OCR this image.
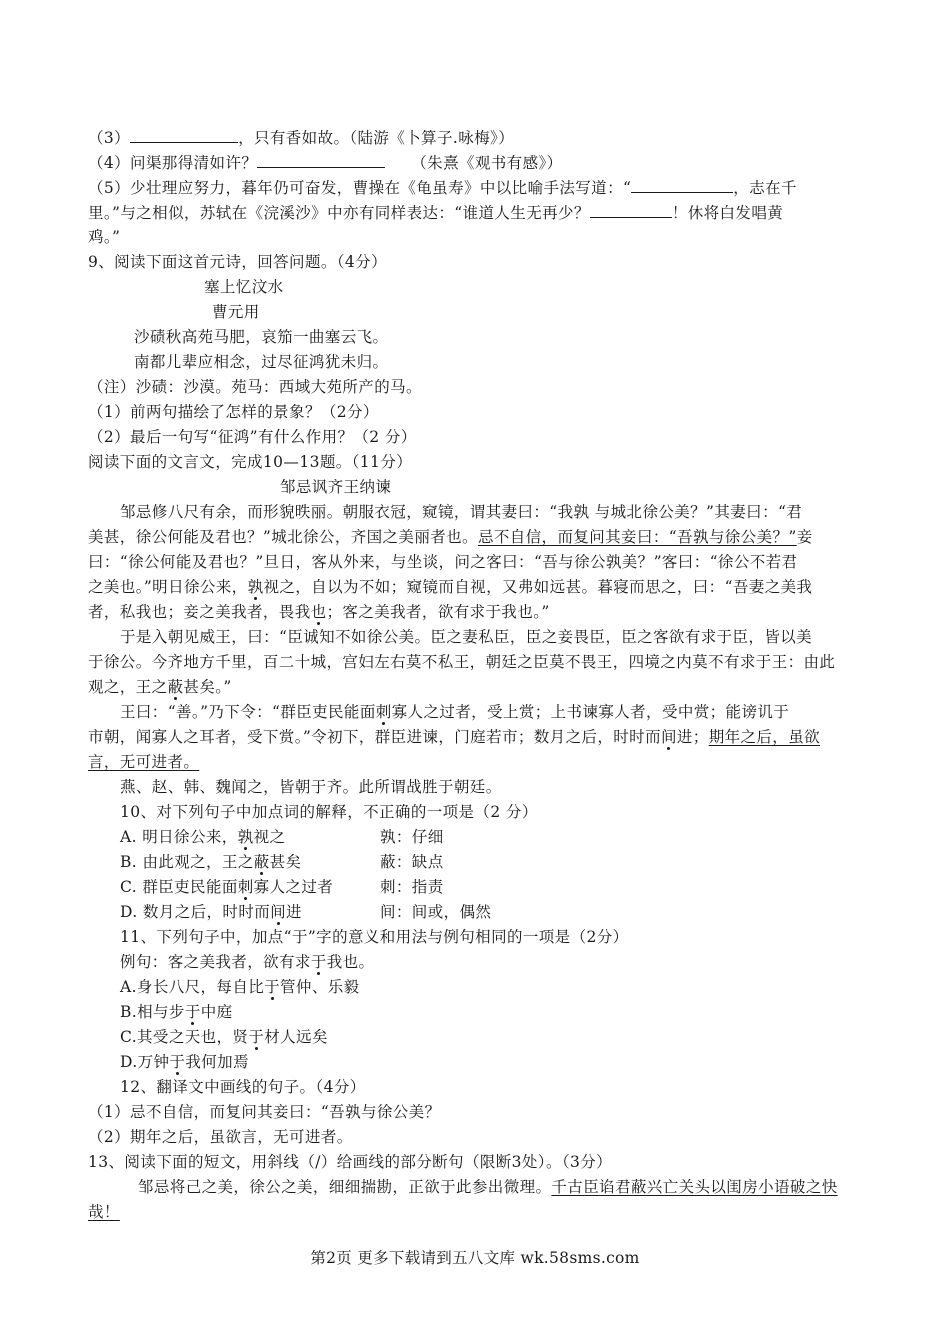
（3）	，只有香如故。（陆游《卜算子.咏梅》）
（4）问渠那得清如许？	（朱熹《观书有感》）
（5）少壮理应努力，暮年仍可奋发，曹操在《龟虽寿》中以比喻手法写道：“	，志在千
里。”与之相似，苏轼在《浣溪沙》中亦有同样表达：“谁道人生无再少？	！休将白发唱黄
鸡。”
9、阅读下面这首元诗，回答问题。（4分）
塞上忆汶水
曹元用
沙碛秋高苑马肥，哀笳一曲塞云飞。
南都儿辈应相念，过尽征鸿犹未归。
（注）沙碛：沙漠。苑马：西域大苑所产的马。
（1）前两句描绘了怎样的景象？（2分）
（2）最后一句写“征鸿”有什么作用？（2 分）
阅读下面的文言文，完成10—13题。（11分）
邹忌讽齐王纳谏
邹忌修八尺有余，而形貌昳丽。朝服衣冠，窥镜，谓其妻曰：“我孰 与城北徐公美？”其妻曰：“君
美甚，徐公何能及君也？”城北徐公，齐国之美丽者也。忌不自信，而复问其妾曰：“吾孰与徐公美？”妾
曰：“徐公何能及君也？”旦日，客从外来，与坐谈，问之客曰：“吾与徐公孰美？”客曰：“徐公不若君
之美也。”明日徐公来，孰视之，自以为不如；窥镜而自视，又弗如远甚。暮寝而思之，曰：“吾妻之美我
者，私我也；妾之美我者，畏我也；客之美我者，欲有求于我也。”
于是入朝见威王，曰：“臣诚知不如徐公美。臣之妻私臣，臣之妾畏臣，臣之客欲有求于臣，皆以美
于徐公。今齐地方千里，百二十城，宫妇左右莫不私王，朝廷之臣莫不畏王，四境之内莫不有求于王：由此
观之，王之蔽甚矣。”
王曰：“善。”乃下令：“群臣吏民能面刺寡人之过者，受上赏；上书谏寡人者，受中赏；能谤讥于
市朝，闻寡人之耳者，受下赏。”令初下，群臣进谏，门庭若市；数月之后，时时而间进；期年之后，虽欲
言，无可进者。
燕、赵、韩、魏闻之，皆朝于齐。此所谓战胜于朝廷。
10、对下列句子中加点词的解释，不正确的一项是（2 分）
A. 明日徐公来，孰视之	孰：仔细
B. 由此观之，王之蔽甚矣	蔽：缺点
C. 群臣吏民能面刺寡人之过者	刺：指责
D. 数月之后，时时而间进	间：间或，偶然
11、下列句子中，加点“于”字的意义和用法与例句相同的一项是（2分）
例句：客之美我者，欲有求于我也。
A.身长八尺，每自比于管仲、乐毅
B.相与步于中庭
C.其受之天也，贤于材人远矣
D.万钟于我何加焉
12、翻译文中画线的句子。（4分）
（1）忌不自信，而复问其妾曰：“吾孰与徐公美？
（2）期年之后，虽欲言，无可进者。
13、阅读下面的短文，用斜线（/）给画线的部分断句（限断3处）。（3分）
邹忌将己之美，徐公之美，细细揣勘，正欲于此参出微理。千古臣谄君蔽兴亡关头以闺房小语破之快
哉！
第2页 更多下载请到五八文库 wk.58sms.com
